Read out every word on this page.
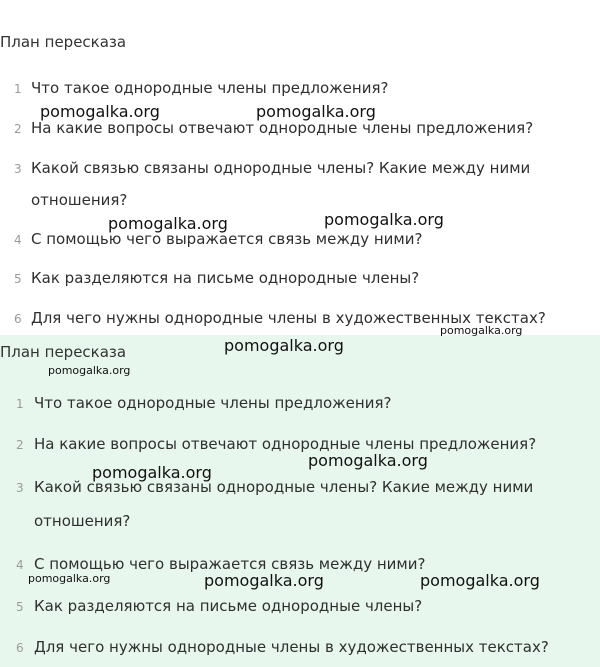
План пересказа
1 Что такое однородные члены предложения?
2 На какие вопросы отвечают однородные члены предложения?
3 Какой связью связаны однородные члены? Какие между ними
отношения?
4 С помощью чего выражается связь между ними?
5 Как разделяются на письме однородные члены?
6 Для чего нужны однородные члены в художественных текстах?
План пересказа
1 Что такое однородные члены предложения?
2 На какие вопросы отвечают однородные члены предложения?
3 Какой связью связаны однородные члены? Какие между ними
отношения?
4 С помощью чего выражается связь между ними?
5 Как разделяются на письме однородные члены?
6 Для чего нужны однородные члены в художественных текстах?
pomogalka.org	pomogalka.org
pomogalka.org	pomogalka.org
pomogalka.org
pomogalka.org
pomogalka.org
pomogalka.org
pomogalka.org
pomogalka.org	pomogalka.org	pomogalka.org
